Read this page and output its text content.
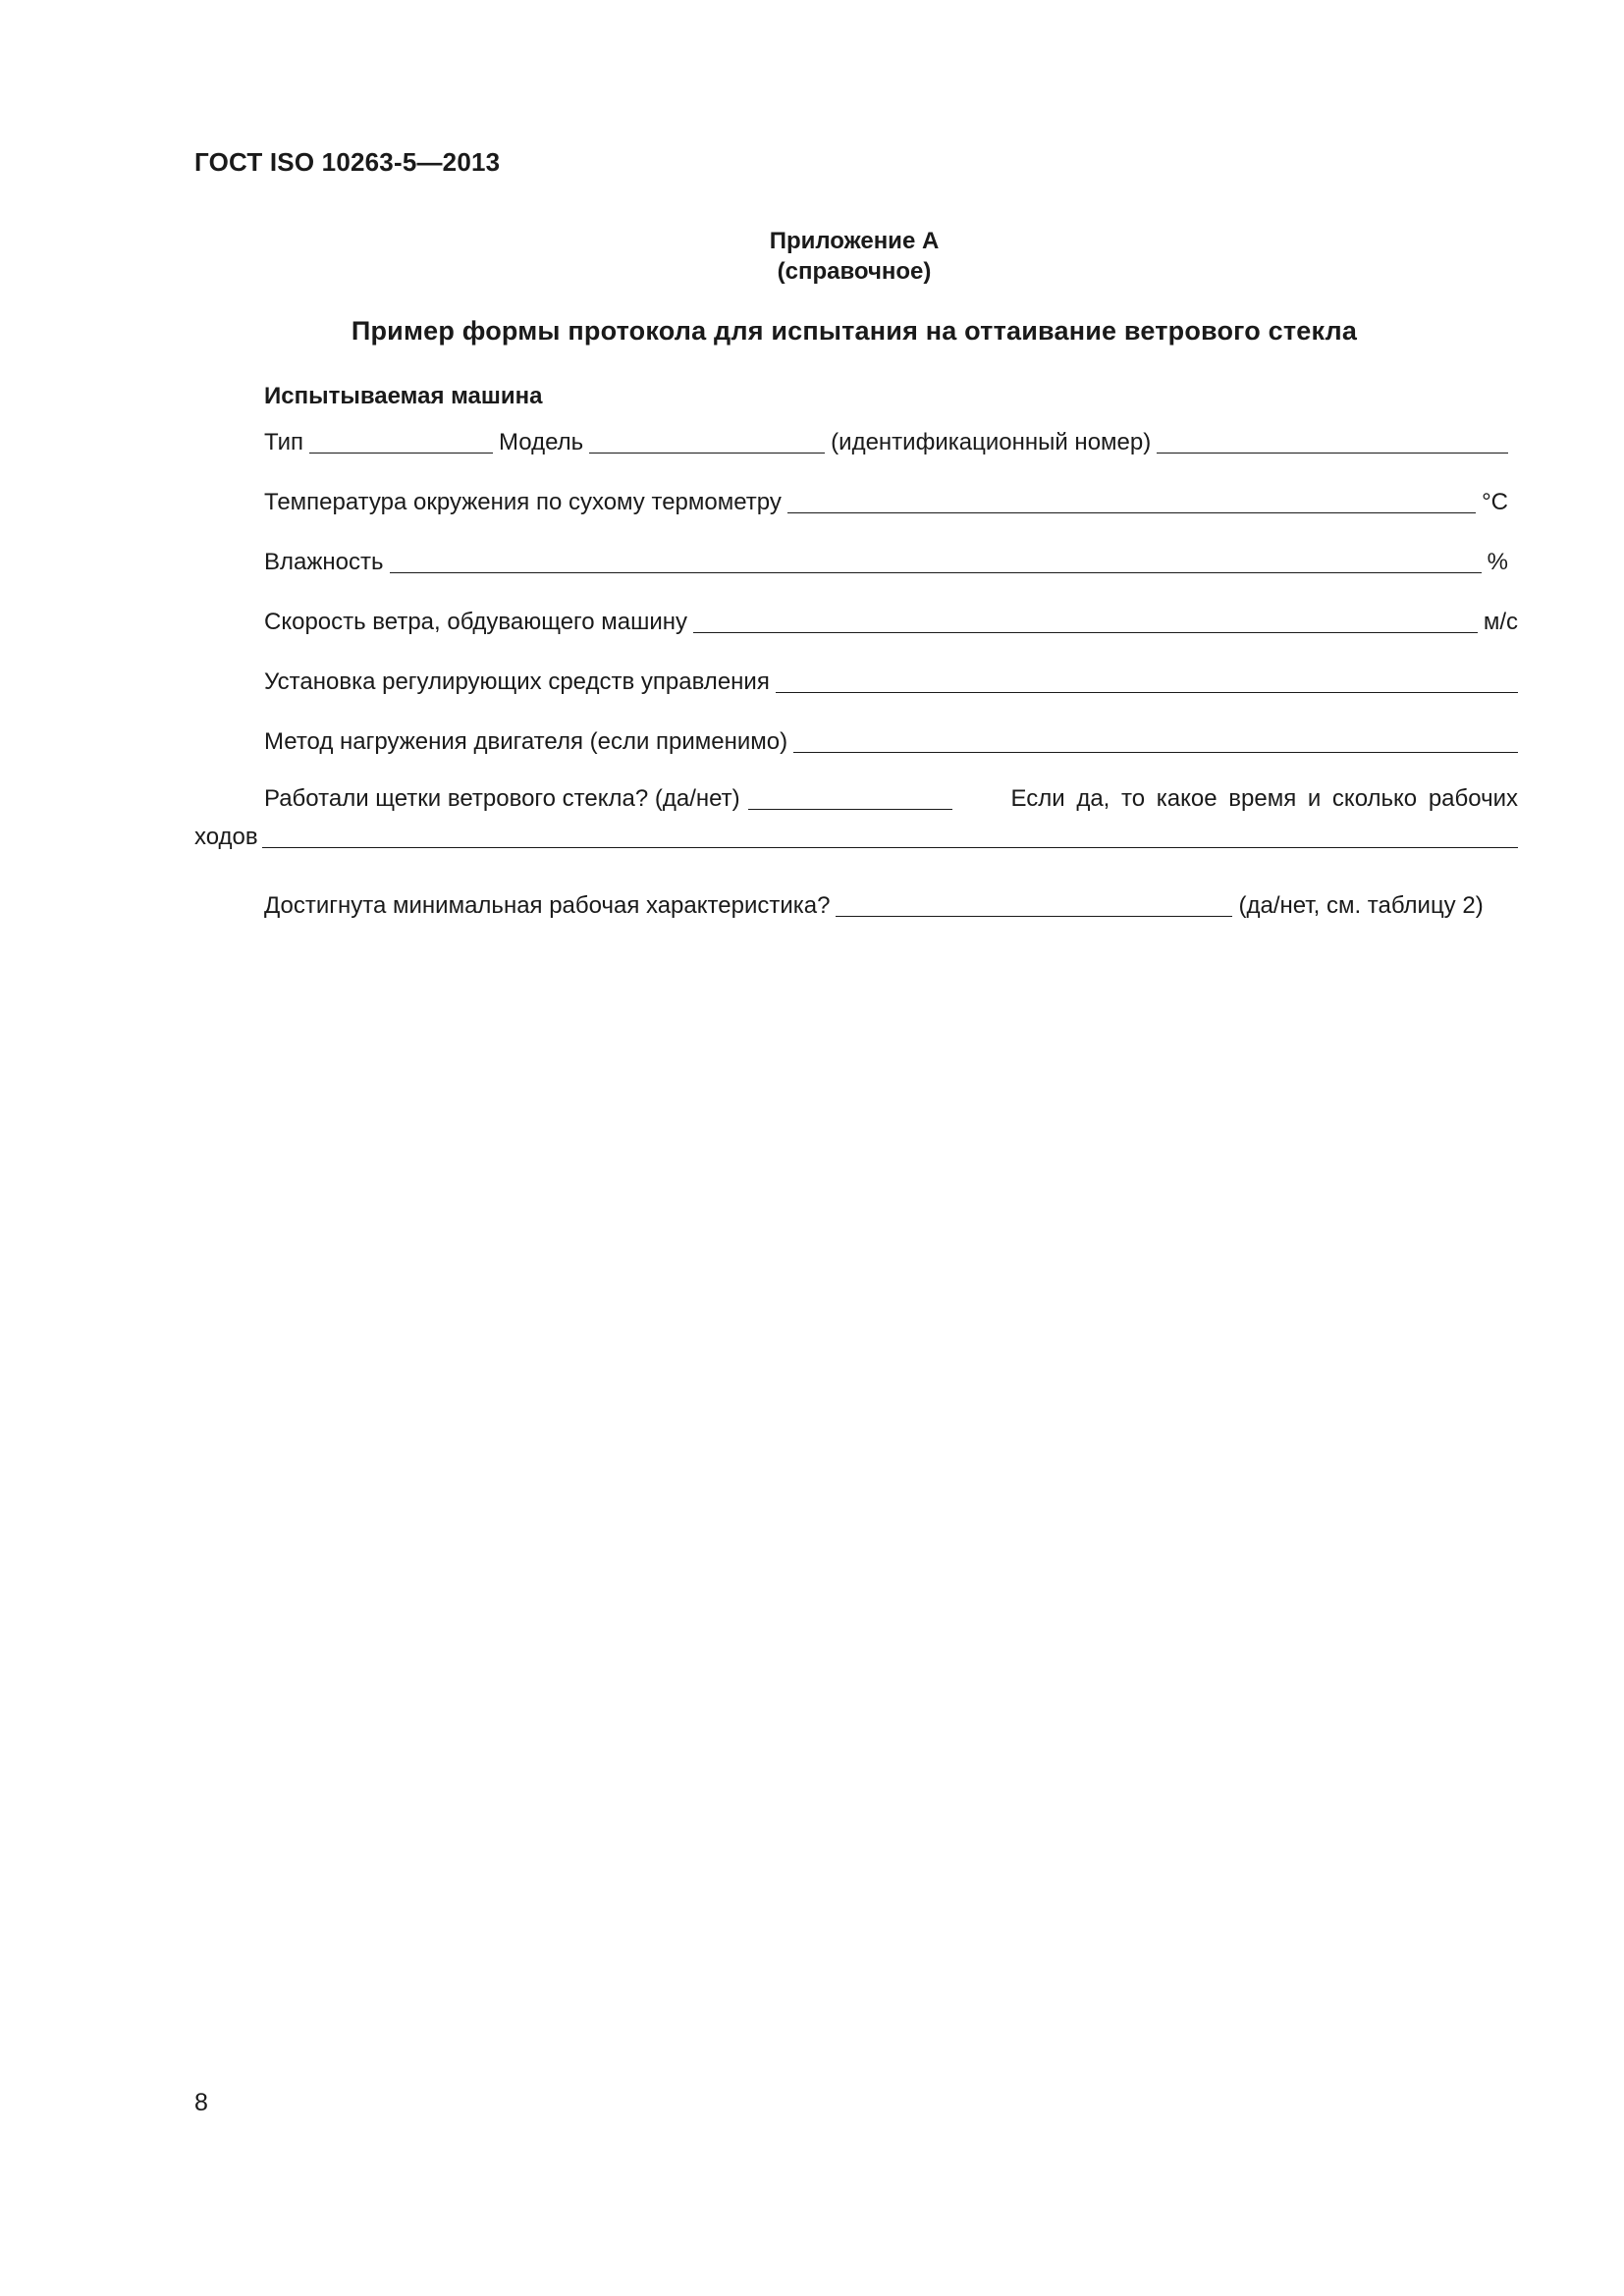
ГОСТ ISO 10263-5—2013
Приложение А
(справочное)
Пример формы протокола для испытания на оттаивание ветрового стекла
Испытываемая машина
Тип	Модель	(идентификационный номер)
Температура окружения по сухому термометру	°C
Влажность	%
Скорость ветра, обдувающего машину	м/с
Установка регулирующих средств управления
Метод нагружения двигателя (если применимо)
Работали щетки ветрового стекла? (да/нет)	Если да, то какое время и сколько рабочих
ходов
Достигнута минимальная рабочая характеристика?	(да/нет, см. таблицу 2)
8
